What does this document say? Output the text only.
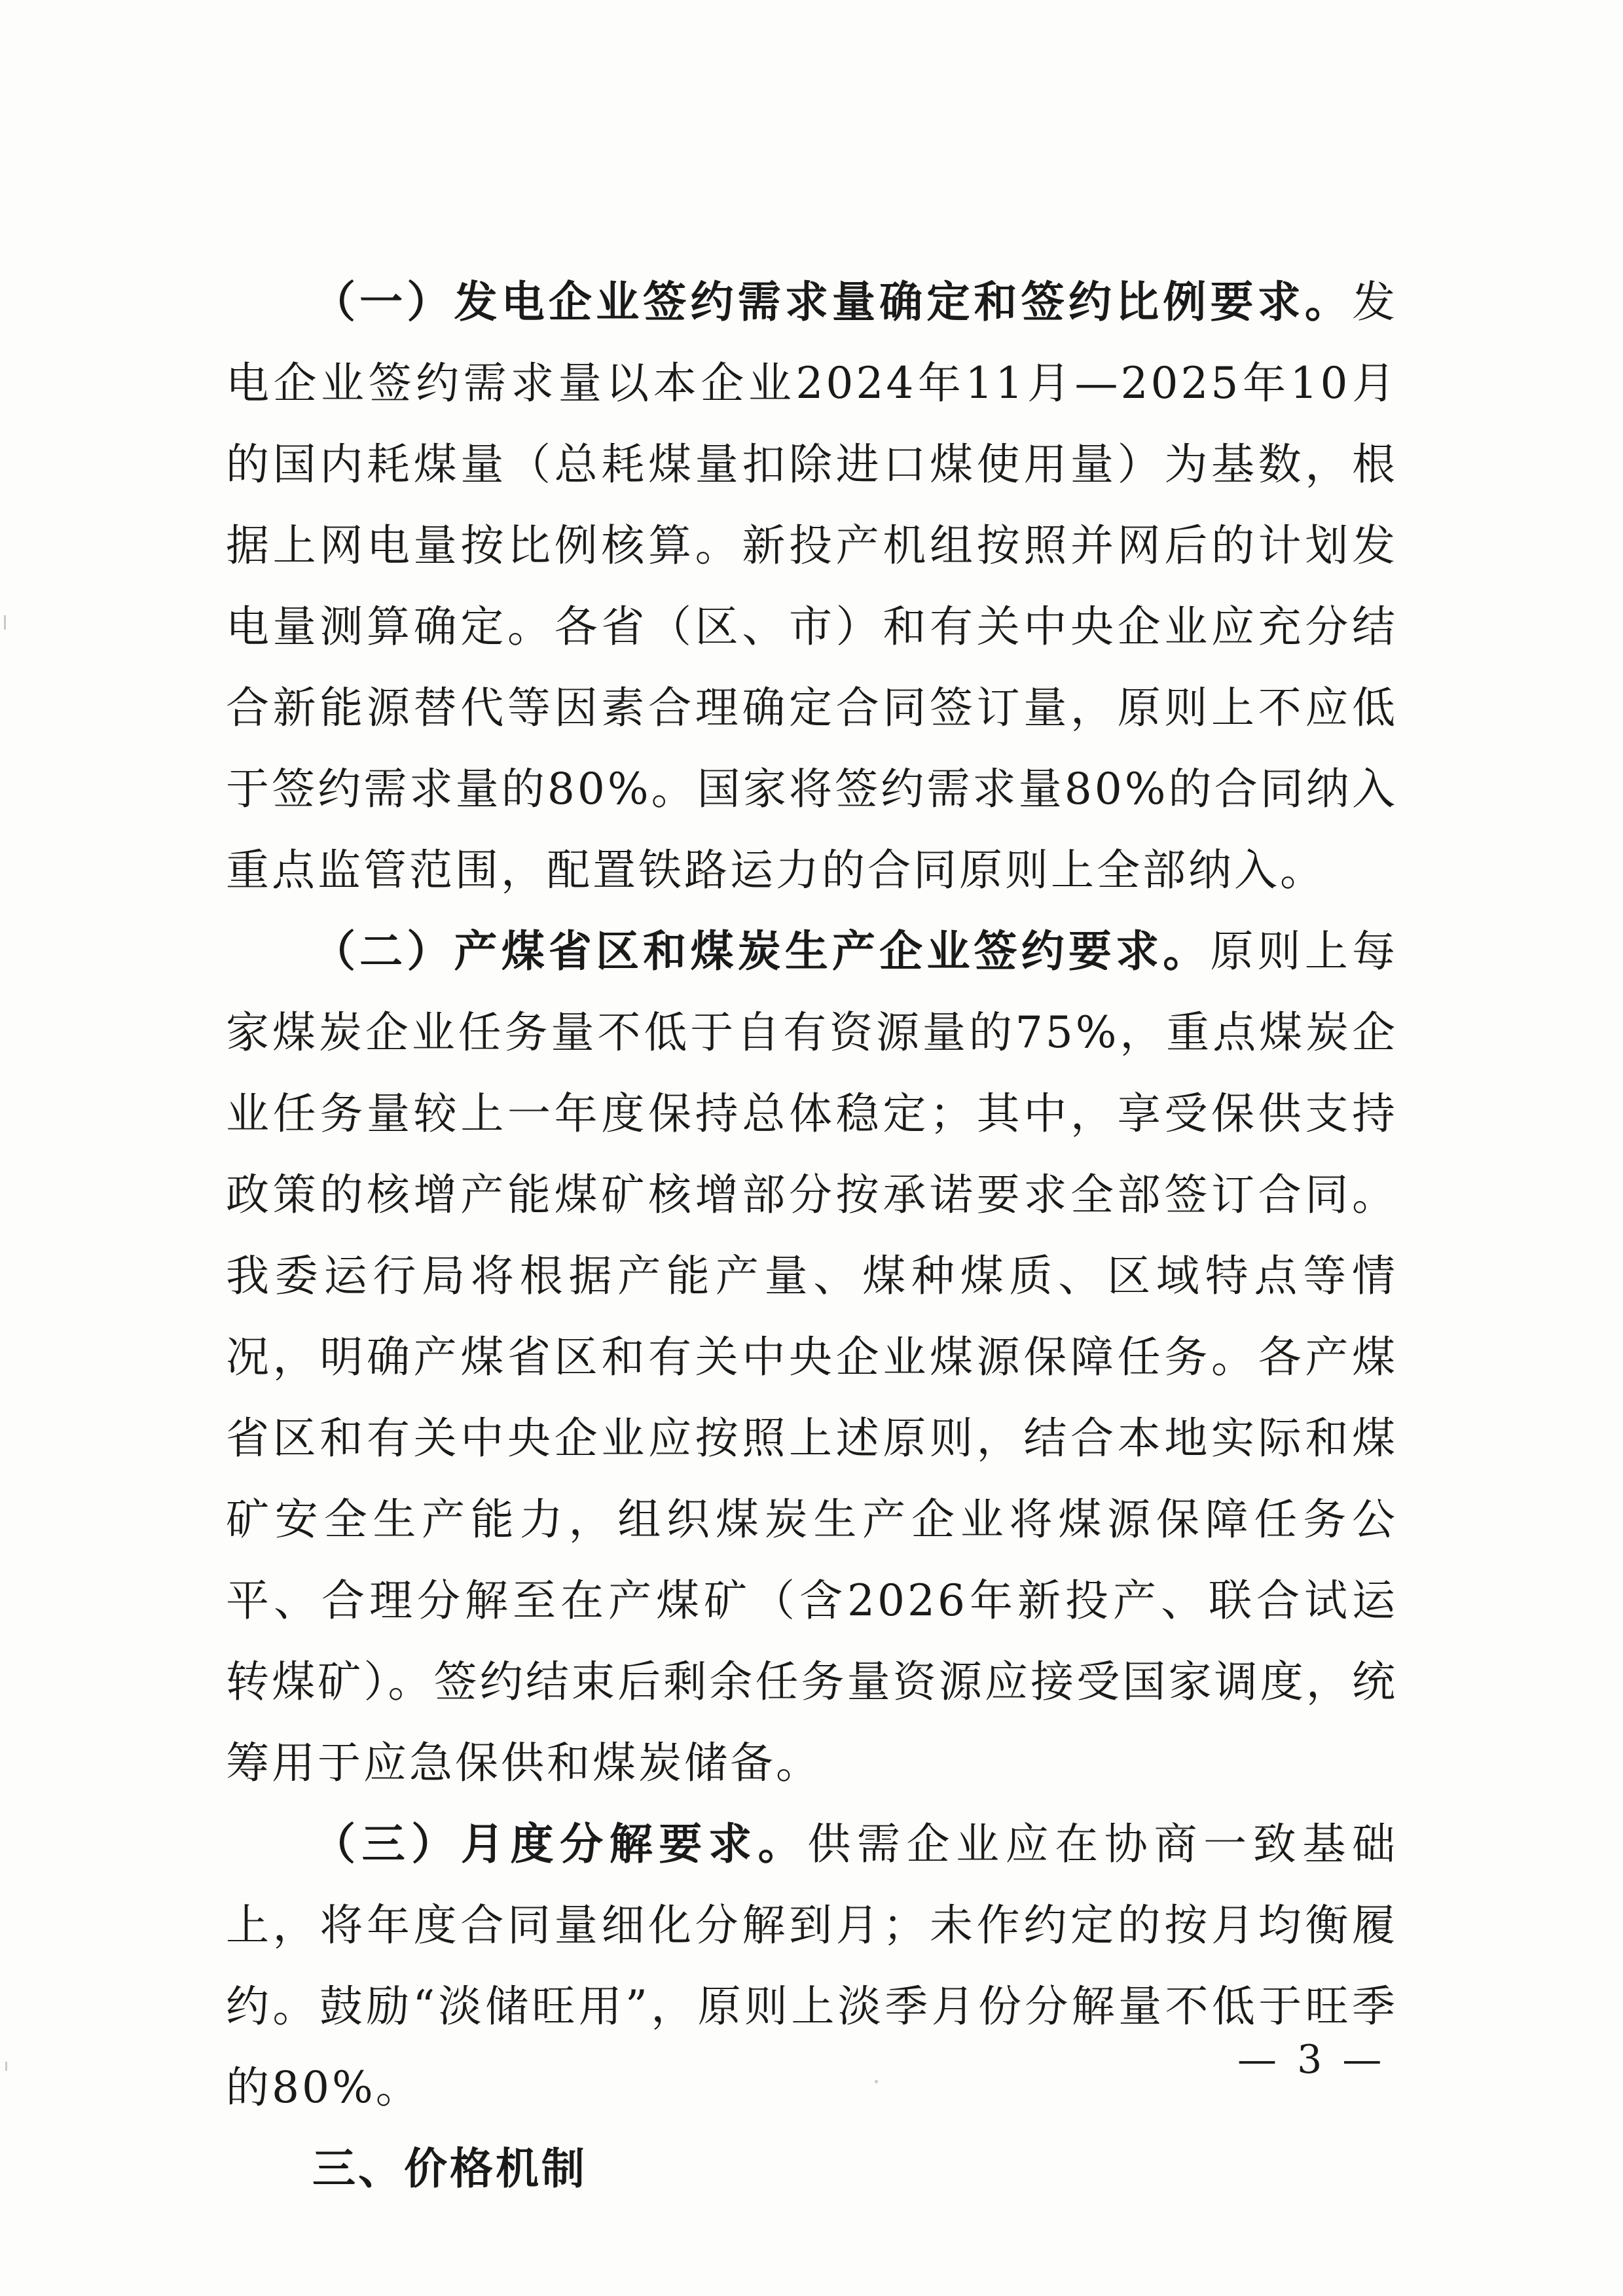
（一）发电企业签约需求量确定和签约比例要求。发电企业签约需求量以本企业2024年11月—2025年10月的国内耗煤量（总耗煤量扣除进口煤使用量）为基数，根据上网电量按比例核算。新投产机组按照并网后的计划发电量测算确定。各省（区、市）和有关中央企业应充分结合新能源替代等因素合理确定合同签订量，原则上不应低于签约需求量的80%。国家将签约需求量80%的合同纳入重点监管范围，配置铁路运力的合同原则上全部纳入。

（二）产煤省区和煤炭生产企业签约要求。原则上每家煤炭企业任务量不低于自有资源量的75%，重点煤炭企业任务量较上一年度保持总体稳定；其中，享受保供支持政策的核增产能煤矿核增部分按承诺要求全部签订合同。我委运行局将根据产能产量、煤种煤质、区域特点等情况，明确产煤省区和有关中央企业煤源保障任务。各产煤省区和有关中央企业应按照上述原则，结合本地实际和煤矿安全生产能力，组织煤炭生产企业将煤源保障任务公平、合理分解至在产煤矿（含2026年新投产、联合试运转煤矿）。签约结束后剩余任务量资源应接受国家调度，统筹用于应急保供和煤炭储备。

（三）月度分解要求。供需企业应在协商一致基础上，将年度合同量细化分解到月；未作约定的按月均衡履约。鼓励“淡储旺用”，原则上淡季月份分解量不低于旺季的80%。

三、价格机制

— 3 —
